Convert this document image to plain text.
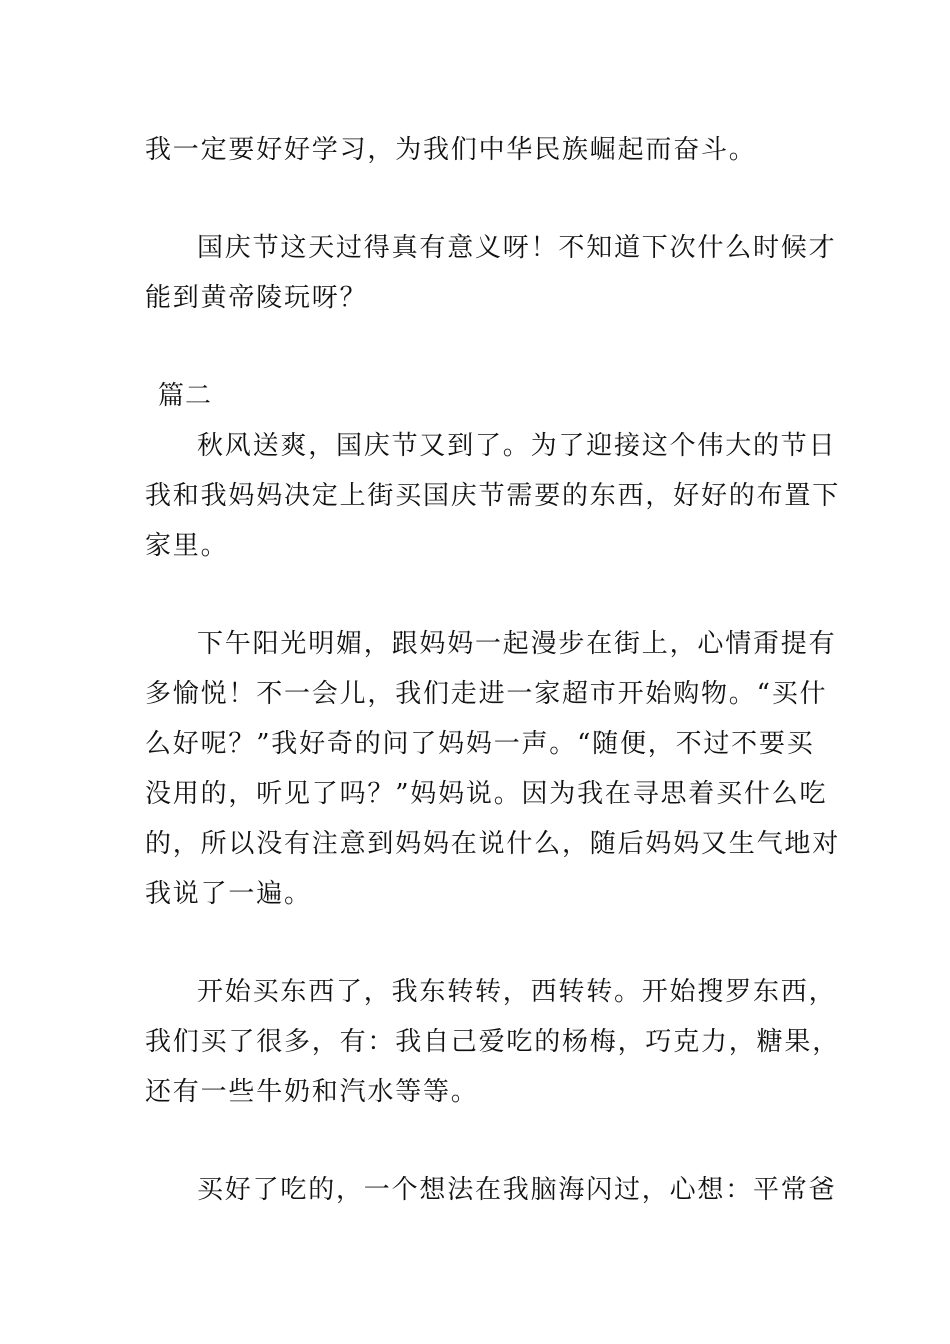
我一定要好好学习，为我们中华民族崛起而奋斗。
国庆节这天过得真有意义呀！不知道下次什么时候才
能到黄帝陵玩呀？
篇二
秋风送爽，国庆节又到了。为了迎接这个伟大的节日
我和我妈妈决定上街买国庆节需要的东西，好好的布置下
家里。
下午阳光明媚，跟妈妈一起漫步在街上，心情甭提有
多愉悦！不一会儿，我们走进一家超市开始购物。“买什
么好呢？”我好奇的问了妈妈一声。“随便，不过不要买
没用的，听见了吗？”妈妈说。因为我在寻思着买什么吃
的，所以没有注意到妈妈在说什么，随后妈妈又生气地对
我说了一遍。
开始买东西了，我东转转，西转转。开始搜罗东西，
我们买了很多，有：我自己爱吃的杨梅，巧克力，糖果，
还有一些牛奶和汽水等等。
买好了吃的，一个想法在我脑海闪过，心想：平常爸
